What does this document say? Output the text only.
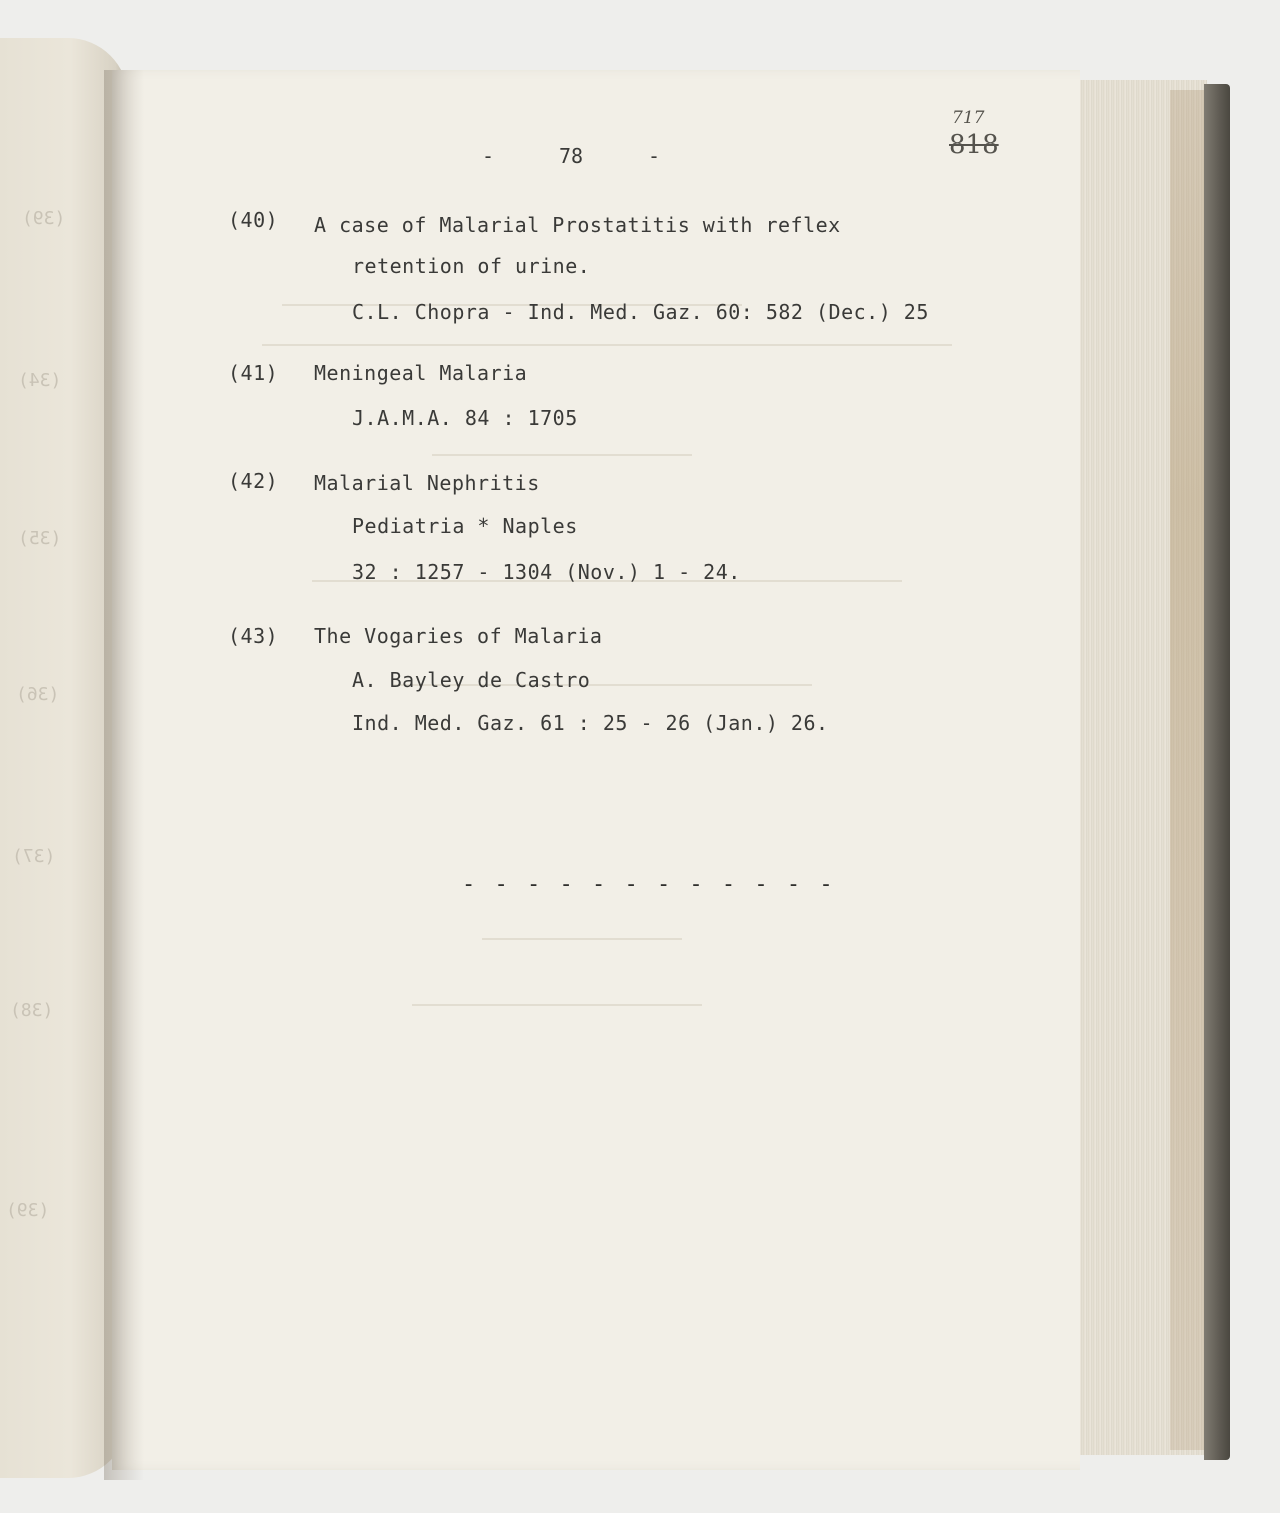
(39)
(34)
(35)
(36)
(37)
(38)
(39)
-	78	-
717
818
(40) A case of Malarial Prostatitis with reflex
retention of urine.
C.L. Chopra - Ind. Med. Gaz. 60: 582 (Dec.) 25
(41) Meningeal Malaria
J.A.M.A. 84 : 1705
(42) Malarial Nephritis
Pediatria * Naples
32 : 1257 - 1304 (Nov.) 1 - 24.
(43) The Vogaries of Malaria
A. Bayley de Castro
Ind. Med. Gaz. 61 : 25 - 26 (Jan.) 26.
- - - - - - - - - - - -
